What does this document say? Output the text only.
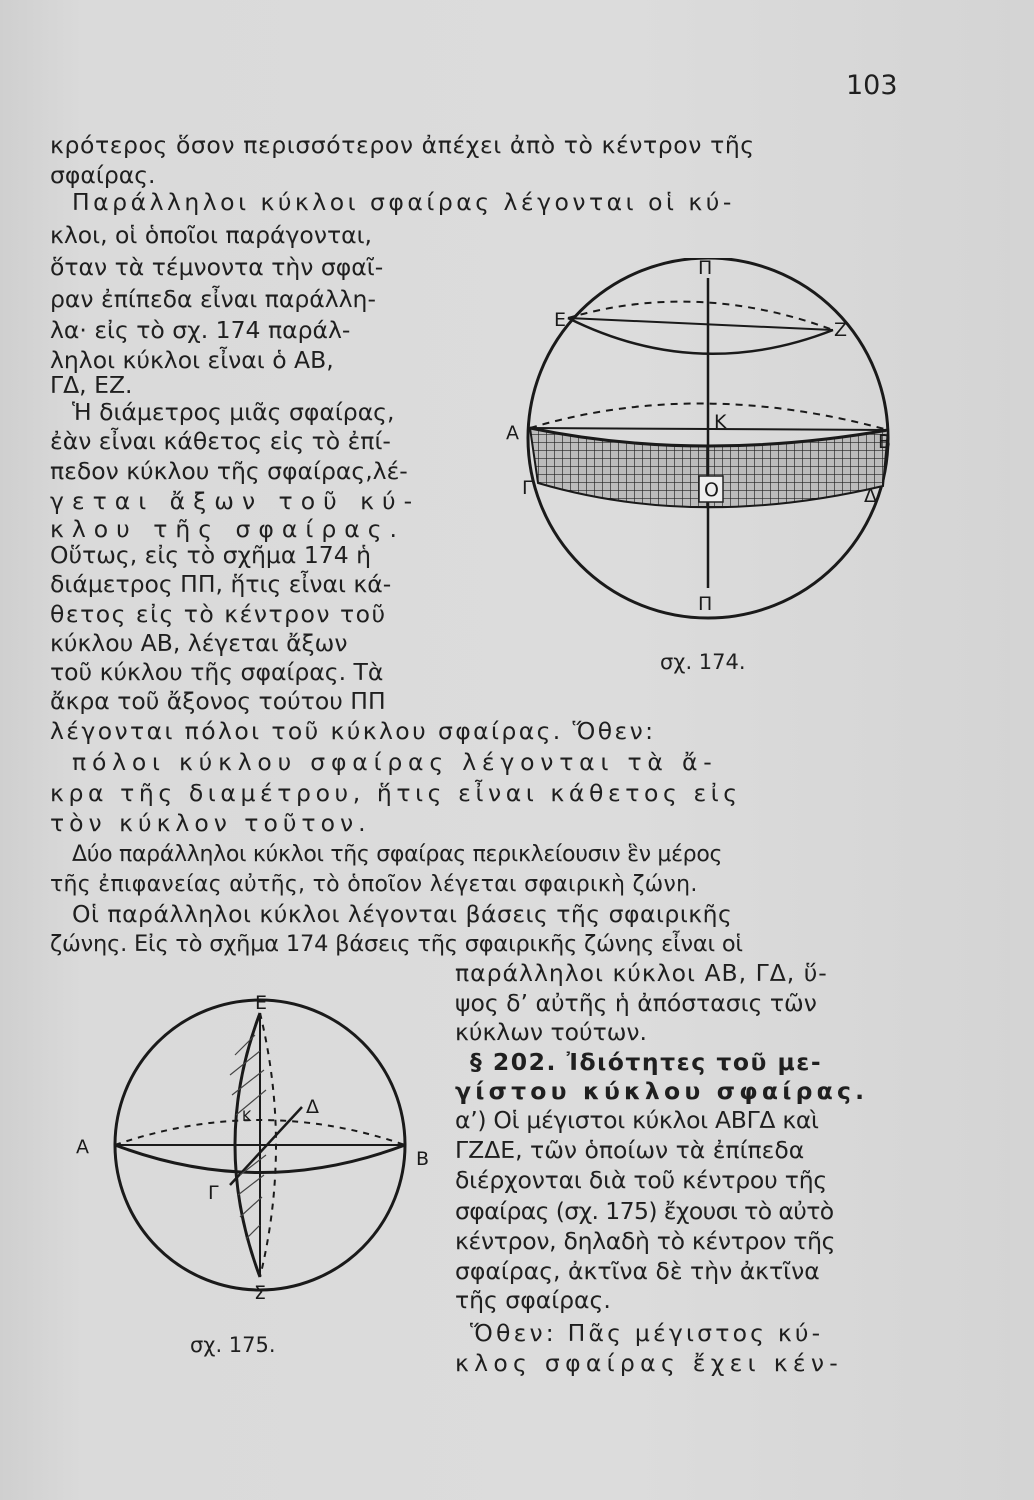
103
κρότερος ὅσον περισσότερον ἀπέχει ἀπὸ τὸ κέντρον τῆς
σφαίρας.
Παράλληλοι κύκλοι σφαίρας λέγονται οἱ κύ-
κλοι, οἱ ὁποῖοι παράγονται,
ὅταν τὰ τέμνοντα τὴν σφαῖ-
ραν ἐπίπεδα εἶναι παράλλη-
λα· εἰς τὸ σχ. 174 παράλ-
ληλοι κύκλοι εἶναι ὁ ΑΒ,
ΓΔ, ΕΖ.
Ἡ διάμετρος μιᾶς σφαίρας,
ἐὰν εἶναι κάθετος εἰς τὸ ἐπί-
πεδον κύκλου τῆς σφαίρας,λέ-
γεται ἄξων τοῦ κύ-
κλου τῆς σφαίρας.
Οὕτως, εἰς τὸ σχῆμα 174 ἡ
διάμετρος ΠΠ, ἥτις εἶναι κά-
θετος εἰς τὸ κέντρον τοῦ
κύκλου ΑΒ, λέγεται ἄξων
τοῦ κύκλου τῆς σφαίρας. Τὰ
ἄκρα τοῦ ἄξονος τούτου ΠΠ
λέγονται πόλοι τοῦ κύκλου σφαίρας. Ὅθεν:
πόλοι κύκλου σφαίρας λέγονται τὰ ἄ-
κρα τῆς διαμέτρου, ἥτις εἶναι κάθετος εἰς
τὸν κύκλον τοῦτον.
Δύο παράλληλοι κύκλοι τῆς σφαίρας περικλείουσιν ἓν μέρος
τῆς ἐπιφανείας αὐτῆς, τὸ ὁποῖον λέγεται σφαιρικὴ ζώνη.
Οἱ παράλληλοι κύκλοι λέγονται βάσεις τῆς σφαιρικῆς
ζώνης. Εἰς τὸ σχῆμα 174 βάσεις τῆς σφαιρικῆς ζώνης εἶναι οἱ
παράλληλοι κύκλοι ΑΒ, ΓΔ, ὕ-
ψος δ’ αὐτῆς ἡ ἀπόστασις τῶν
κύκλων τούτων.
§ 202. Ἰδιότητες τοῦ με-
γίστου κύκλου σφαίρας.
α’) Οἱ μέγιστοι κύκλοι ΑΒΓΔ καὶ
ΓΖΔΕ, τῶν ὁποίων τὰ ἐπίπεδα
διέρχονται διὰ τοῦ κέντρου τῆς
σφαίρας (σχ. 175) ἔχουσι τὸ αὐτὸ
κέντρον, δηλαδὴ τὸ κέντρον τῆς
σφαίρας, ἀκτῖνα δὲ τὴν ἀκτῖνα
τῆς σφαίρας.
Ὅθεν: Πᾶς μέγιστος κύ-
κλος σφαίρας ἔχει κέν-
Π
Π
Ε	Ζ
Κ
Α	Β
Γ	Δ
Ο
σχ. 174.
Ε
Σ
Α
Β
Δ
Γ
Κ
σχ. 175.
